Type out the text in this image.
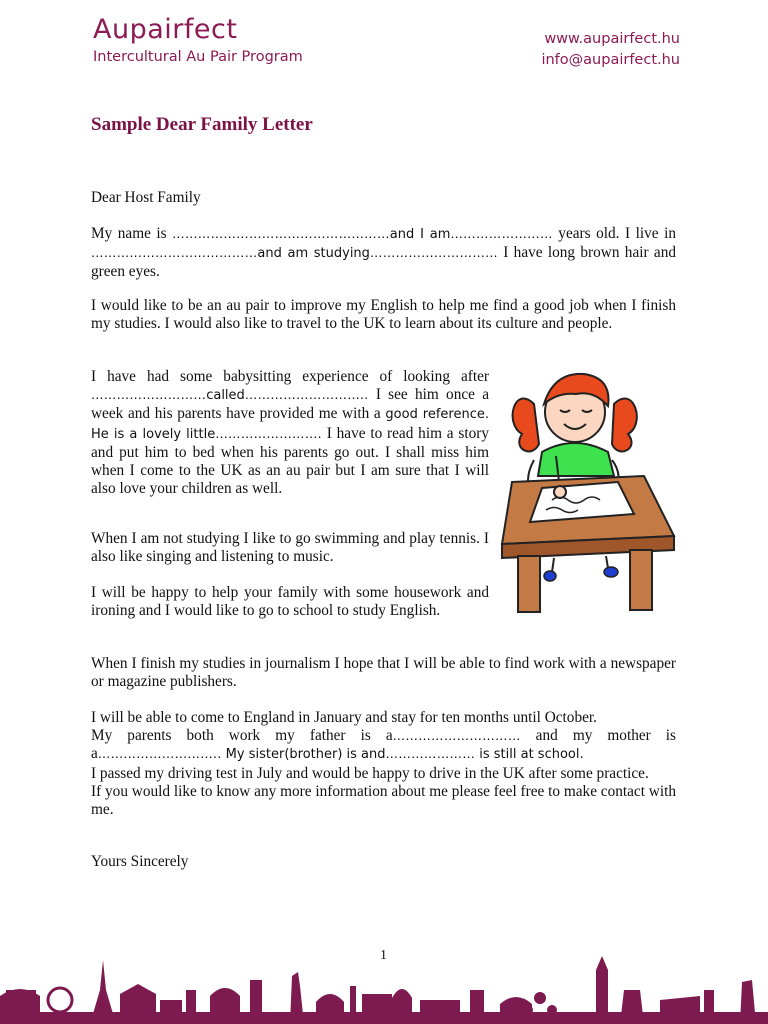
Aupairfect
Intercultural Au Pair Program
www.aupairfect.hu
info@aupairfect.hu
Sample Dear Family Letter
Dear Host Family
My name is ……………………………………………and I am…………………… years old. I live in …………………………………and am studying………………………… I have long brown hair and green eyes.
I would like to be an au pair to improve my English to help me find a good job when I finish my studies. I would also like to travel to the UK to learn about its culture and people.
I have had some babysitting experience of looking after ………………………called……………………….. I see him once a week and his parents have provided me with a good reference. He is a lovely little……………………. I have to read him a story and put him to bed when his parents go out. I shall miss him when I come to the UK as an au pair but I am sure that I will also love your children as well.
When I am not studying I like to go swimming and play tennis. I also like singing and listening to music.
I will be happy to help your family with some housework and ironing and I would like to go to school to study English.
When I finish my studies in journalism I hope that I will be able to find work with a newspaper or magazine publishers.
I will be able to come to England in January and stay for ten months until October.
My parents both work my father is a………………………… and my mother is a……………………….. My sister(brother) is and………………… is still at school.
I passed my driving test in July and would be happy to drive in the UK after some practice.
If you would like to know any more information about me please feel free to make contact with me.
Yours Sincerely
1
